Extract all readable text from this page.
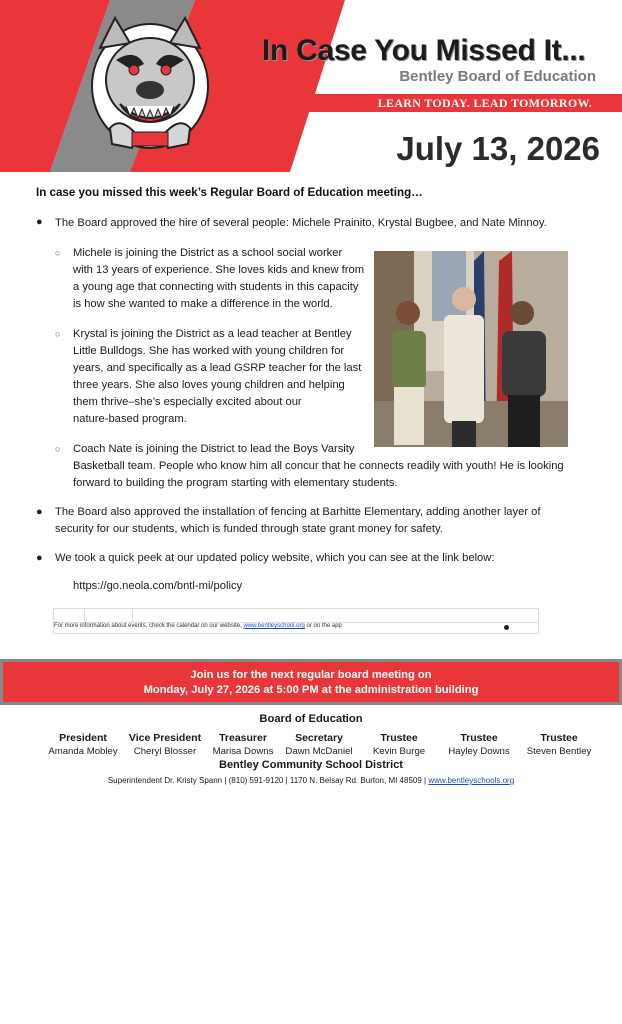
In Case You Missed It...
Bentley Board of Education
LEARN TODAY. LEAD TOMORROW.
July 13, 2026
In case you missed this week’s Regular Board of Education meeting…
● The Board approved the hire of several people: Michele Prainito, Krystal Bugbee, and Nate Minnoy.
○ Michele is joining the District as a school social worker
with 13 years of experience. She loves kids and knew from
a young age that connecting with students in this capacity
is how she wanted to make a difference in the world.
○ Krystal is joining the District as a lead teacher at Bentley
Little Bulldogs. She has worked with young children for
years, and specifically as a lead GSRP teacher for the last
three years. She also loves young children and helping
them thrive–she’s especially excited about our
nature-based program.
○ Coach Nate is joining the District to lead the Boys Varsity
Basketball team. People who know him all concur that he connects readily with youth! He is looking
forward to building the program starting with elementary students.
● The Board also approved the installation of fencing at Barhitte Elementary, adding another layer of
security for our students, which is funded through state grant money for safety.
● We took a quick peek at our updated policy website, which you can see at the link below:
https://go.neola.com/bntl-mi/policy
For more information about events, check the calendar on our website, www.bentleyschool.org or on the app
Join us for the next regular board meeting on
Monday, July 27, 2026 at 5:00 PM at the administration building
Board of Education
President
Amanda Mobley
Vice President
Cheryl Blosser
Treasurer
Marisa Downs
Secretary
Dawn McDaniel
Trustee
Kevin Burge
Trustee
Hayley Downs
Trustee
Steven Bentley
Bentley Community School District
Superintendent Dr. Kristy Spann | (810) 591-9120 | 1170 N. Belsay Rd. Burton, MI 48509 | www.bentleyschools.org
